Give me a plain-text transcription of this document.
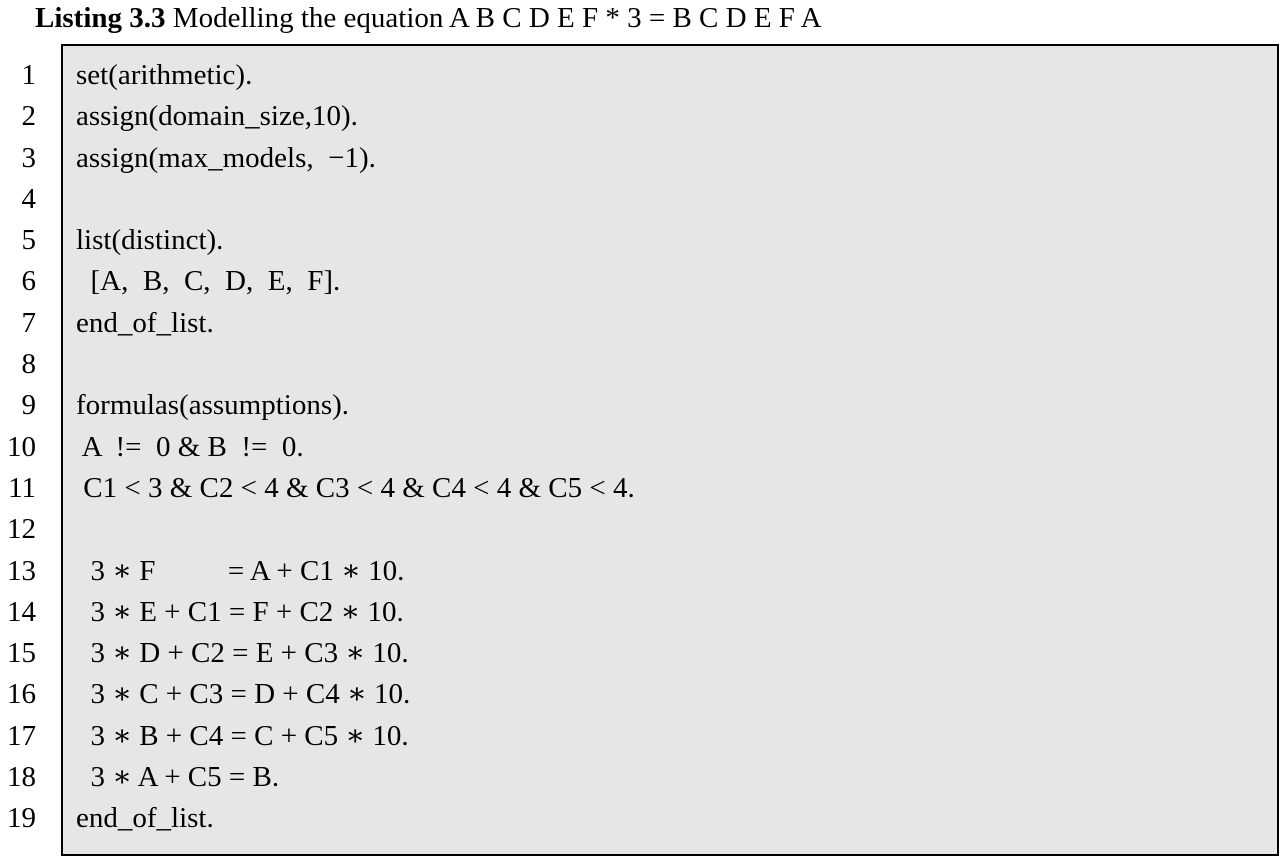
Listing 3.3 Modelling the equation A B C D E F * 3 = B C D E F A
1
2
3
4
5
6
7
8
9
10
11
12
13
14
15
16
17
18
19
set(arithmetic).
assign(domain_size,10).
assign(max_models,  −1).
list(distinct).
[A,  B,  C,  D,  E,  F].
end_of_list.
formulas(assumptions).
A  !=  0 & B  !=  0.
C1 < 3 & C2 < 4 & C3 < 4 & C4 < 4 & C5 < 4.
3 ∗ F          = A + C1 ∗ 10.
3 ∗ E + C1 = F + C2 ∗ 10.
3 ∗ D + C2 = E + C3 ∗ 10.
3 ∗ C + C3 = D + C4 ∗ 10.
3 ∗ B + C4 = C + C5 ∗ 10.
3 ∗ A + C5 = B.
end_of_list.
